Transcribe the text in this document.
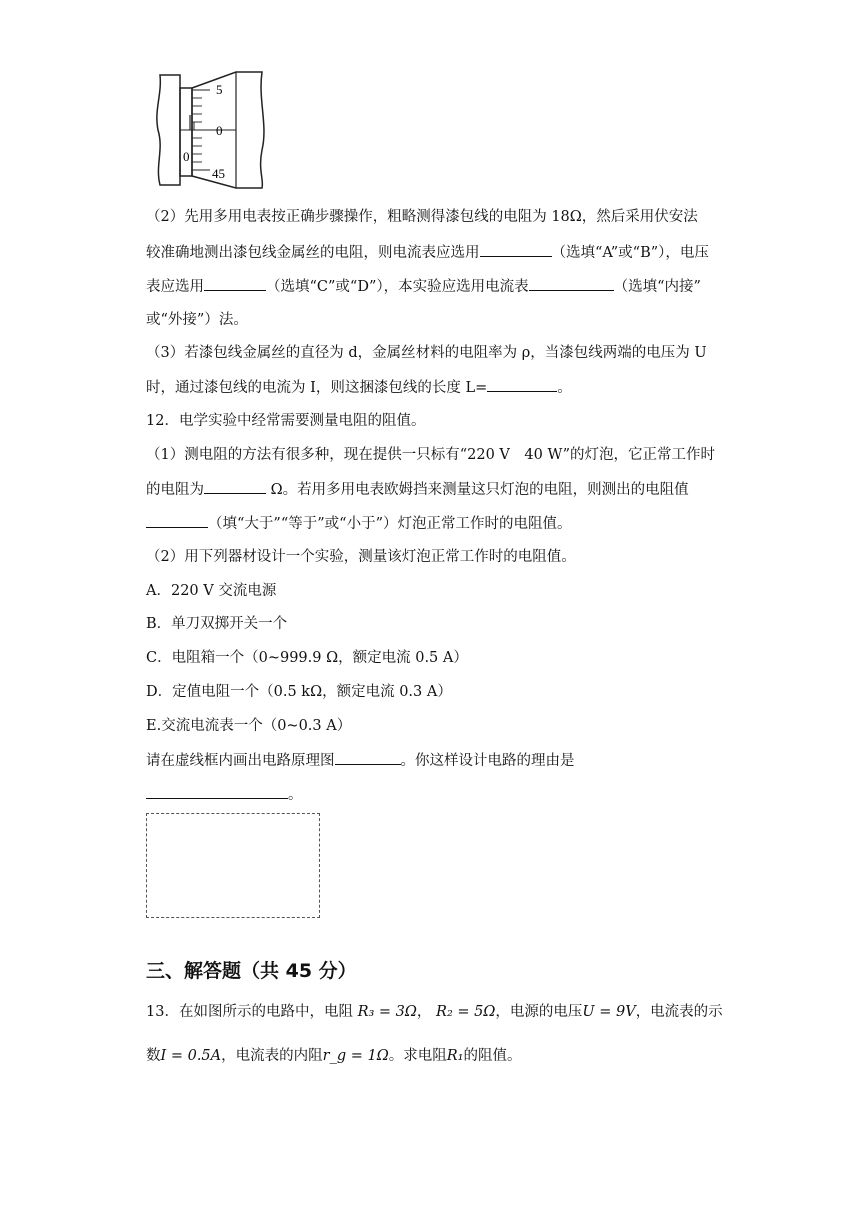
5
0
0
45
（2）先用多用电表按正确步骤操作，粗略测得漆包线的电阻为 18Ω，然后采用伏安法
较准确地测出漆包线金属丝的电阻，则电流表应选用	（选填“A”或“B”），电压
表应选用	（选填“C”或“D”），本实验应选用电流表	（选填“内接”
或“外接”）法。
（3）若漆包线金属丝的直径为 d，金属丝材料的电阻率为 ρ，当漆包线两端的电压为 U
时，通过漆包线的电流为 I，则这捆漆包线的长度 L=	。
12．电学实验中经常需要测量电阻的阻值。
（1）测电阻的方法有很多种，现在提供一只标有“220 V　40 W”的灯泡，它正常工作时
的电阻为	Ω。若用多用电表欧姆挡来测量这只灯泡的电阻，则测出的电阻值
（填“大于”“等于”或“小于”）灯泡正常工作时的电阻值。
（2）用下列器材设计一个实验，测量该灯泡正常工作时的电阻值。
A．220 V 交流电源
B．单刀双掷开关一个
C．电阻箱一个（0~999.9 Ω，额定电流 0.5 A）
D．定值电阻一个（0.5 kΩ，额定电流 0.3 A）
E.交流电流表一个（0~0.3 A）
请在虚线框内画出电路原理图	。你这样设计电路的理由是
。
三、解答题（共 45 分）
13．在如图所示的电路中，电阻 R₃ = 3Ω， R₂ = 5Ω，电源的电压U = 9V，电流表的示
数I = 0.5A，电流表的内阻r_g = 1Ω。求电阻R₁的阻值。
